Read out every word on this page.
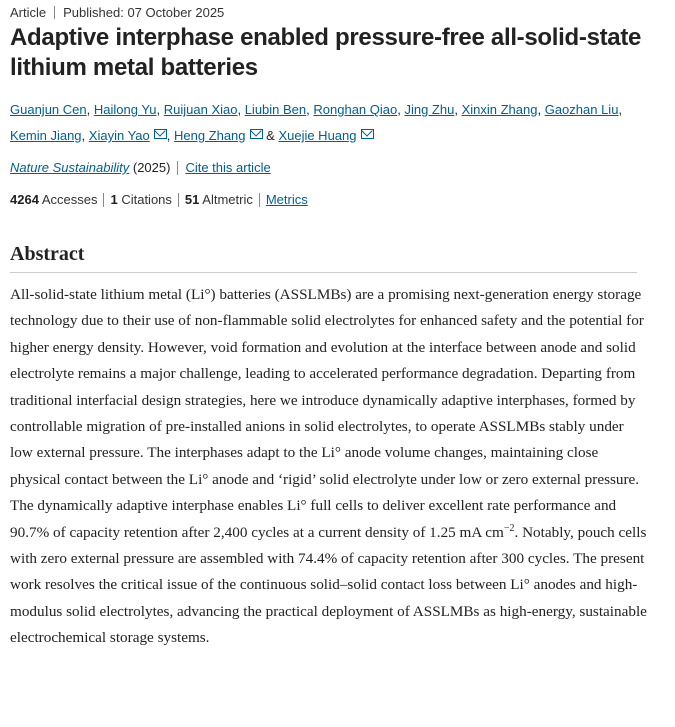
Article Published: 07 October 2025
Adaptive interphase enabled pressure-free all-solid-state lithium metal batteries
Guanjun Cen, Hailong Yu, Ruijuan Xiao, Liubin Ben, Ronghan Qiao, Jing Zhu, Xinxin Zhang, Gaozhan Liu,
Kemin Jiang, Xiayin Yao , Heng Zhang & Xuejie Huang
Nature Sustainability (2025) Cite this article
4264 Accesses 1 Citations 51 Altmetric Metrics
Abstract
All-solid-state lithium metal (Li°) batteries (ASSLMBs) are a promising next-generation energy storage technology due to their use of non-flammable solid electrolytes for enhanced safety and the potential for higher energy density. However, void formation and evolution at the interface between anode and solid electrolyte remains a major challenge, leading to accelerated performance degradation. Departing from traditional interfacial design strategies, here we introduce dynamically adaptive interphases, formed by controllable migration of pre-installed anions in solid electrolytes, to operate ASSLMBs stably under low external pressure. The interphases adapt to the Li° anode volume changes, maintaining close physical contact between the Li° anode and ‘rigid’ solid electrolyte under low or zero external pressure. The dynamically adaptive interphase enables Li° full cells to deliver excellent rate performance and 90.7% of capacity retention after 2,400 cycles at a current density of 1.25 mA $cm^{-2}$. Notably, pouch cells with zero external pressure are assembled with 74.4% of capacity retention after 300 cycles. The present work resolves the critical issue of the continuous solid–solid contact loss between Li° anodes and high-modulus solid electrolytes, advancing the practical deployment of ASSLMBs as high-energy, sustainable electrochemical storage systems.
